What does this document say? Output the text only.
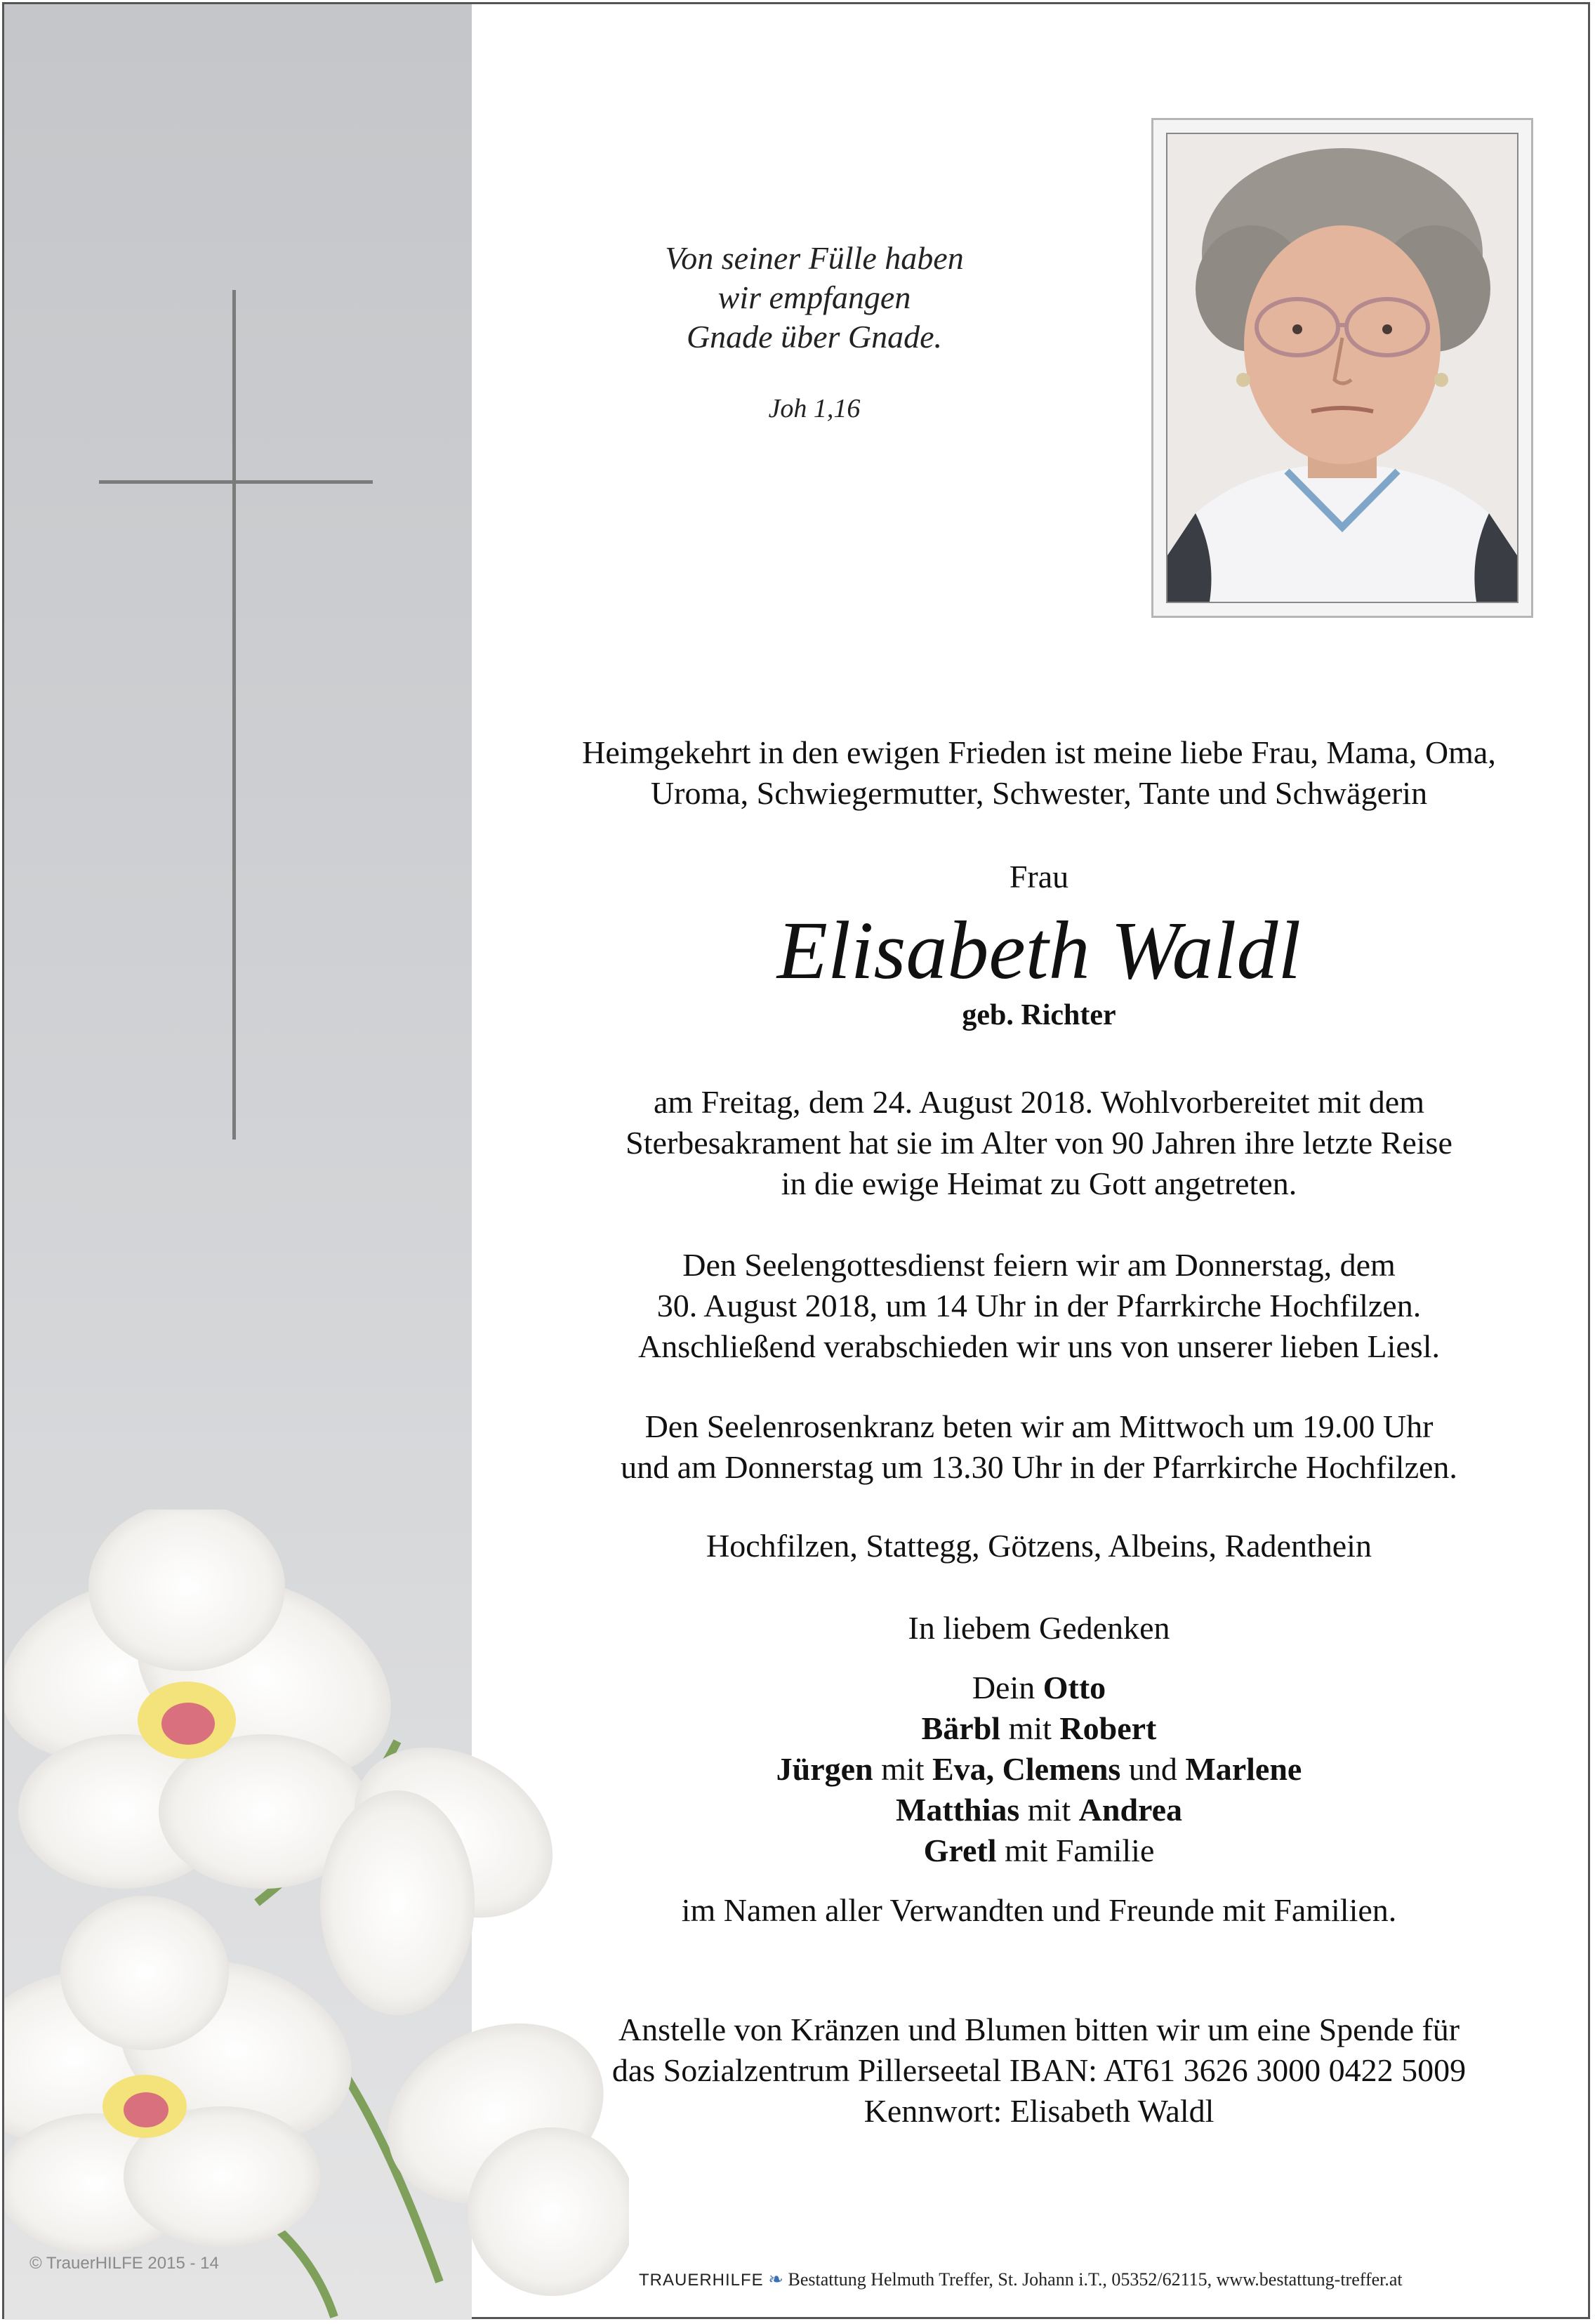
© TrauerHILFE 2015 - 14
Von seiner Fülle haben
wir empfangen
Gnade über Gnade.
Joh 1,16
Heimgekehrt in den ewigen Frieden ist meine liebe Frau, Mama, Oma,
Uroma, Schwiegermutter, Schwester, Tante und Schwägerin
Frau
Elisabeth Waldl
geb. Richter
am Freitag, dem 24. August 2018. Wohlvorbereitet mit dem
Sterbesakrament hat sie im Alter von 90 Jahren ihre letzte Reise
in die ewige Heimat zu Gott angetreten.
Den Seelengottesdienst feiern wir am Donnerstag, dem
30. August 2018, um 14 Uhr in der Pfarrkirche Hochfilzen.
Anschließend verabschieden wir uns von unserer lieben Liesl.
Den Seelenrosenkranz beten wir am Mittwoch um 19.00 Uhr
und am Donnerstag um 13.30 Uhr in der Pfarrkirche Hochfilzen.
Hochfilzen, Stattegg, Götzens, Albeins, Radenthein
In liebem Gedenken
Dein Otto
Bärbl mit Robert
Jürgen mit Eva, Clemens und Marlene
Matthias mit Andrea
Gretl mit Familie
im Namen aller Verwandten und Freunde mit Familien.
Anstelle von Kränzen und Blumen bitten wir um eine Spende für
das Sozialzentrum Pillerseetal IBAN: AT61 3626 3000 0422 5009
Kennwort: Elisabeth Waldl
TRAUERHILFE ❧ Bestattung Helmuth Treffer, St. Johann i.T., 05352/62115, www.bestattung-treffer.at
